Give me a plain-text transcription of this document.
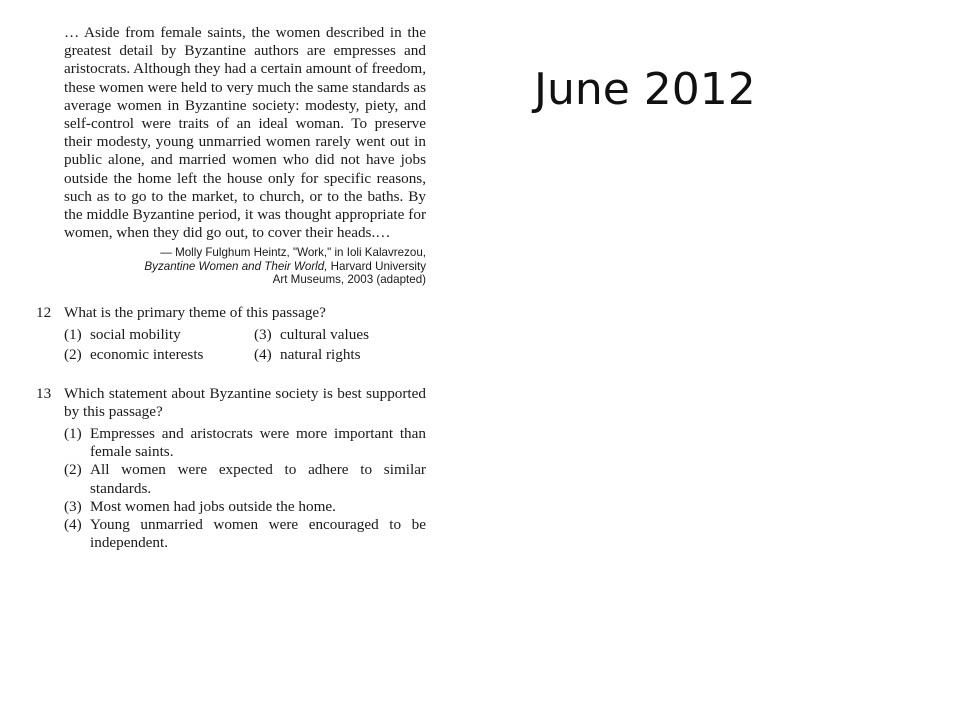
… Aside from female saints, the women described in the greatest detail by Byzantine authors are empresses and aristocrats. Although they had a certain amount of freedom, these women were held to very much the same standards as average women in Byzantine society: modesty, piety, and self-control were traits of an ideal woman. To preserve their modesty, young unmarried women rarely went out in public alone, and married women who did not have jobs outside the home left the house only for specific reasons, such as to go to the market, to church, or to the baths. By the middle Byzantine period, it was thought appropriate for women, when they did go out, to cover their heads.…

— Molly Fulghum Heintz, "Work," in Ioli Kalavrezou,
Byzantine Women and Their World, Harvard University
Art Museums, 2003 (adapted)
12 What is the primary theme of this passage?

(1) social mobility	(3) cultural values
(2) economic interests	(4) natural rights
13 Which statement about Byzantine society is best supported by this passage?

(1) Empresses and aristocrats were more important than female saints.
(2) All women were expected to adhere to similar standards.
(3) Most women had jobs outside the home.
(4) Young unmarried women were encouraged to be independent.
June 2012
